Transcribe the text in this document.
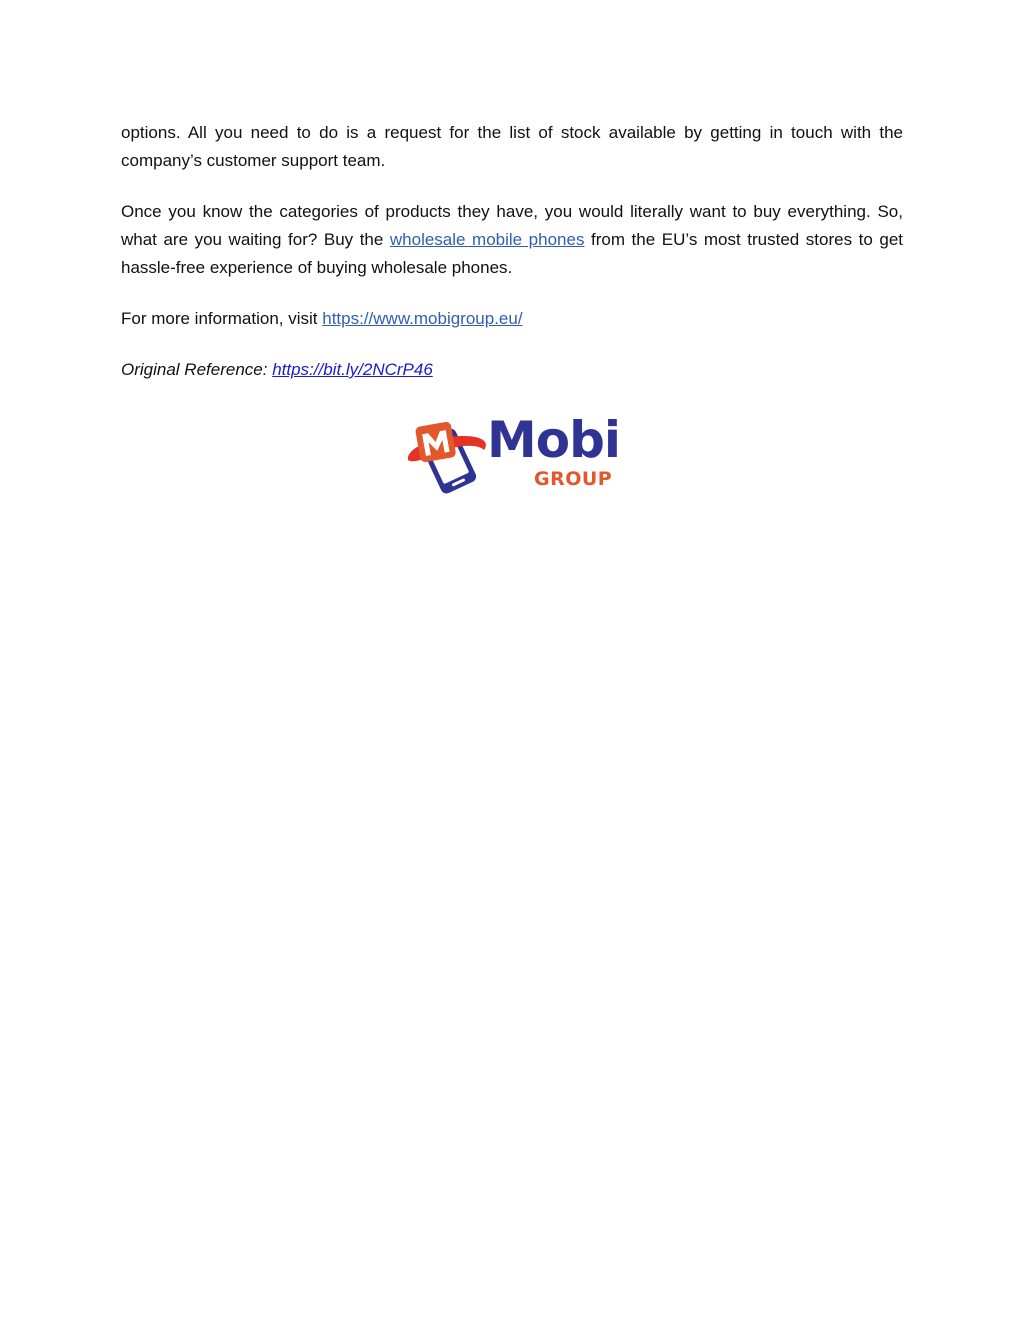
options. All you need to do is a request for the list of stock available by getting in touch with the company’s customer support team.

Once you know the categories of products they have, you would literally want to buy everything. So, what are you waiting for? Buy the wholesale mobile phones from the EU’s most trusted stores to get hassle-free experience of buying wholesale phones.

For more information, visit https://www.mobigroup.eu/

Original Reference: https://bit.ly/2NCrP46

Mobi
GROUP
